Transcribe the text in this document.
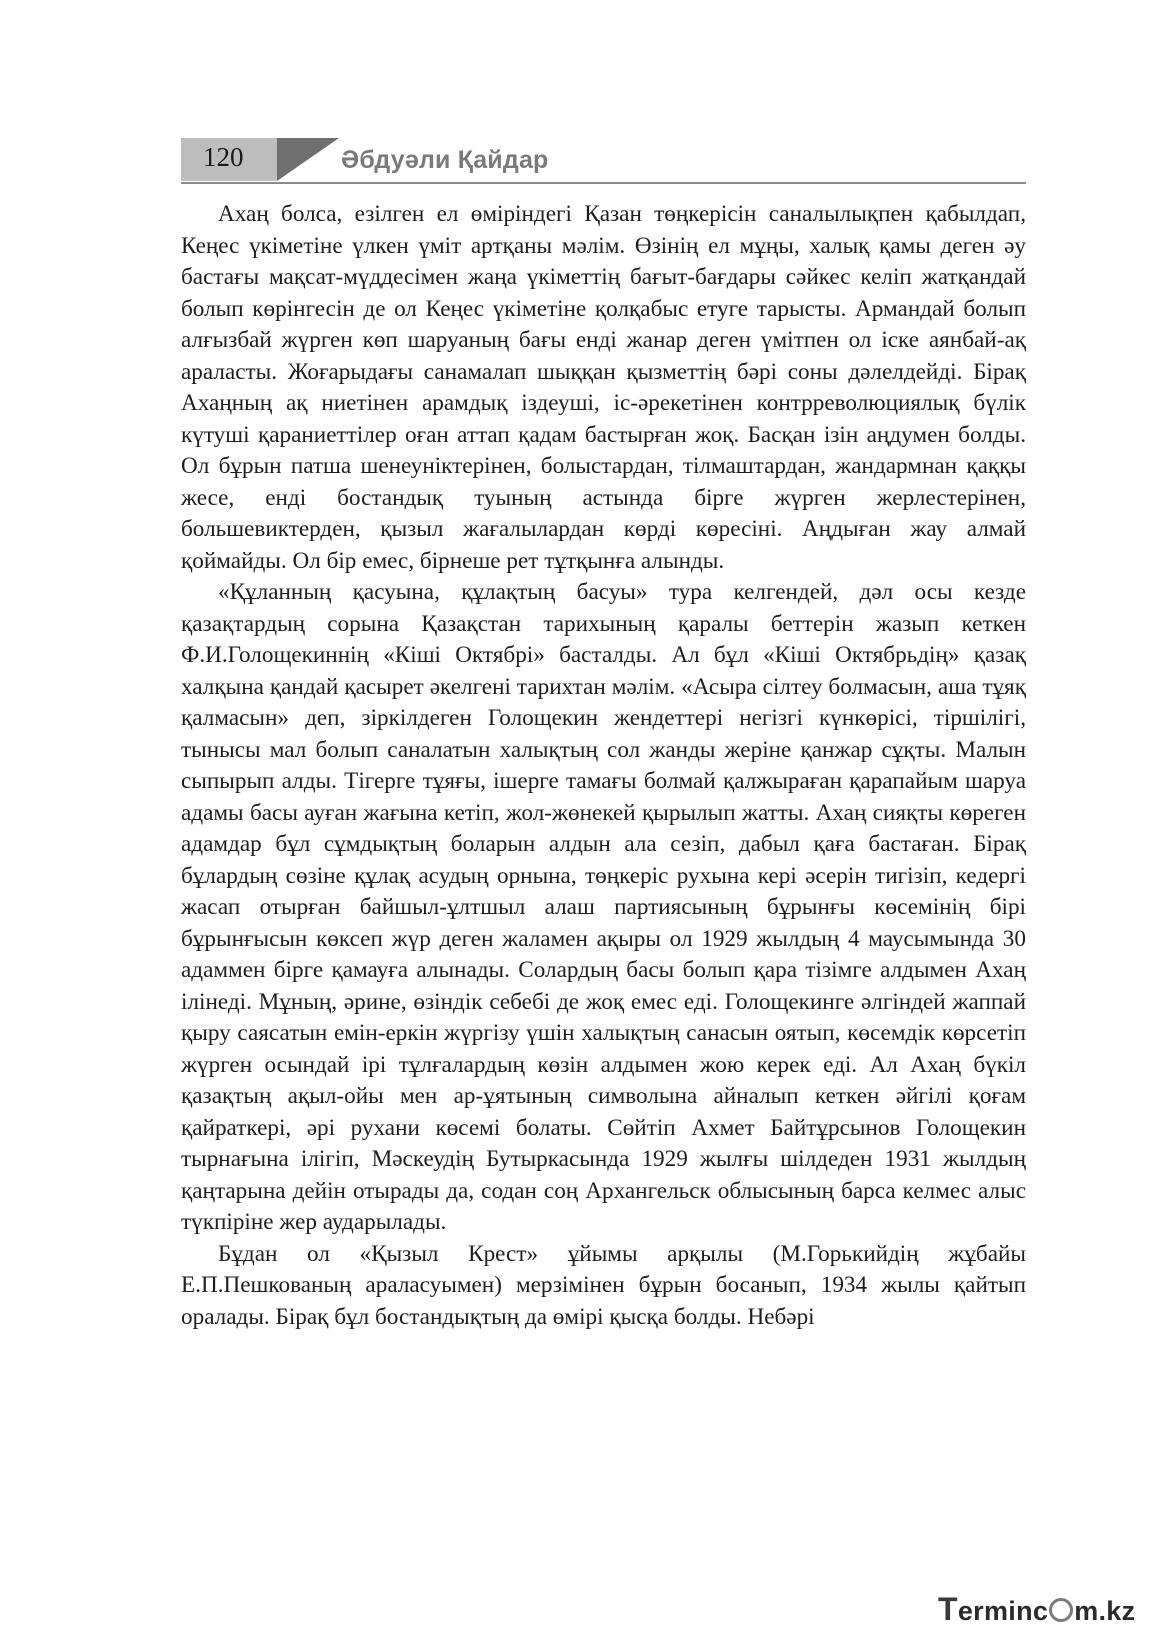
120	Әбдуәли Қайдар

Ахаң болса, езілген ел өміріндегі Қазан төңкерісін саналылықпен қабылдап, Кеңес үкіметіне үлкен үміт артқаны мәлім. Өзінің ел мұңы, халық қамы деген әу бастағы мақсат-мүддесімен жаңа үкіметтің бағыт-бағдары сәйкес келіп жатқандай болып көрінгесін де ол Кеңес үкіметіне қолқабыс етуге тарысты. Армандай болып алғызбай жүрген көп шаруаның бағы енді жанар деген үмітпен ол іске аянбай-ақ араласты. Жоғарыдағы санамалап шыққан қызметтің бәрі соны дәлелдейді. Бірақ Ахаңның ақ ниетінен арамдық іздеуші, іс-әрекетінен контрреволюциялық бүлік күтуші қараниеттілер оған аттап қадам бастырған жоқ. Басқан ізін аңдумен болды. Ол бұрын патша шенеуніктерінен, болыстардан, тілмаштардан, жандармнан қаққы жесе, енді бостандық туының астында бірге жүрген жерлестерінен, большевиктерден, қызыл жағалылардан көрді көресіні. Аңдыған жау алмай қоймайды. Ол бір емес, бірнеше рет тұтқынға алынды.

«Құланның қасуына, құлақтың басуы» тура келгендей, дәл осы кезде қазақтардың сорына Қазақстан тарихының қаралы беттерін жазып кеткен Ф.И.Голощекиннің «Кіші Октябрі» басталды. Ал бұл «Кіші Октябрьдің» қазақ халқына қандай қасырет әкелгені тарихтан мәлім. «Асыра сілтеу болмасын, аша тұяқ қалмасын» деп, зіркілдеген Голощекин жендеттері негізгі күнкөрісі, тіршілігі, тынысы мал болып саналатын халықтың сол жанды жеріне қанжар сұқты. Малын сыпырып алды. Тігерге тұяғы, ішерге тамағы болмай қалжыраған қарапайым шаруа адамы басы ауған жағына кетіп, жол-жөнекей қырылып жатты. Ахаң сияқты көреген адамдар бұл сұмдықтың боларын алдын ала сезіп, дабыл қаға бастаған. Бірақ бұлардың сөзіне құлақ асудың орнына, төңкеріс рухына кері әсерін тигізіп, кедергі жасап отырған байшыл-ұлтшыл алаш партиясының бұрынғы көсемінің бірі бұрынғысын көксеп жүр деген жаламен ақыры ол 1929 жылдың 4 маусымында 30 адаммен бірге қамауға алынады. Солардың басы болып қара тізімге алдымен Ахаң ілінеді. Мұның, әрине, өзіндік себебі де жоқ емес еді. Голощекинге әлгіндей жаппай қыру саясатын емін-еркін жүргізу үшін халықтың санасын оятып, көсемдік көрсетіп жүрген осындай ірі тұлғалардың көзін алдымен жою керек еді. Ал Ахаң бүкіл қазақтың ақыл-ойы мен ар-ұятының символына айналып кеткен әйгілі қоғам қайраткері, әрі рухани көсемі болаты. Сөйтіп Ахмет Байтұрсынов Голощекин тырнағына ілігіп, Мәскеудің Бутыркасында 1929 жылғы шілдеден 1931 жылдың қаңтарына дейін отырады да, содан соң Архангельск облысының барса келмес алыс түкпіріне жер аударылады.

Бұдан ол «Қызыл Крест» ұйымы арқылы (М.Горькийдің жұбайы Е.П.Пешкованың араласуымен) мерзімінен бұрын босанып, 1934 жылы қайтып оралады. Бірақ бұл бостандықтың да өмірі қысқа болды. Небәрі

Terminc m.kz
